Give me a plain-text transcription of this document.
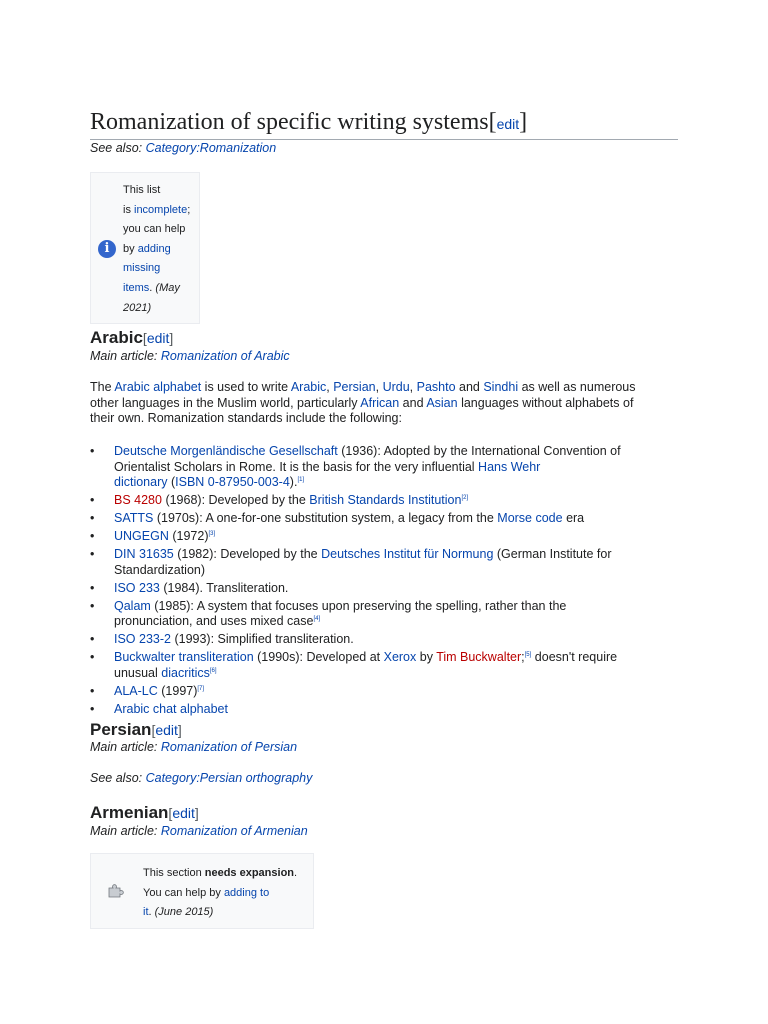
Romanization of specific writing systems[edit]
See also: Category:Romanization
i
This list
is incomplete;
you can help
by adding
missing
items. (May
2021)
Arabic[edit]
Main article: Romanization of Arabic
The Arabic alphabet is used to write Arabic, Persian, Urdu, Pashto and Sindhi as well as numerous
other languages in the Muslim world, particularly African and Asian languages without alphabets of
their own. Romanization standards include the following:
• Deutsche Morgenländische Gesellschaft (1936): Adopted by the International Convention of
Orientalist Scholars in Rome. It is the basis for the very influential Hans Wehr
dictionary (ISBN 0-87950-003-4).[1]
• BS 4280 (1968): Developed by the British Standards Institution[2]
• SATTS (1970s): A one-for-one substitution system, a legacy from the Morse code era
• UNGEGN (1972)[3]
• DIN 31635 (1982): Developed by the Deutsches Institut für Normung (German Institute for
Standardization)
• ISO 233 (1984). Transliteration.
• Qalam (1985): A system that focuses upon preserving the spelling, rather than the
pronunciation, and uses mixed case[4]
• ISO 233-2 (1993): Simplified transliteration.
• Buckwalter transliteration (1990s): Developed at Xerox by Tim Buckwalter;[5] doesn't require
unusual diacritics[6]
• ALA-LC (1997)[7]
• Arabic chat alphabet
Persian[edit]
Main article: Romanization of Persian
See also: Category:Persian orthography
Armenian[edit]
Main article: Romanization of Armenian
This section needs expansion.
You can help by adding to
it. (June 2015)
